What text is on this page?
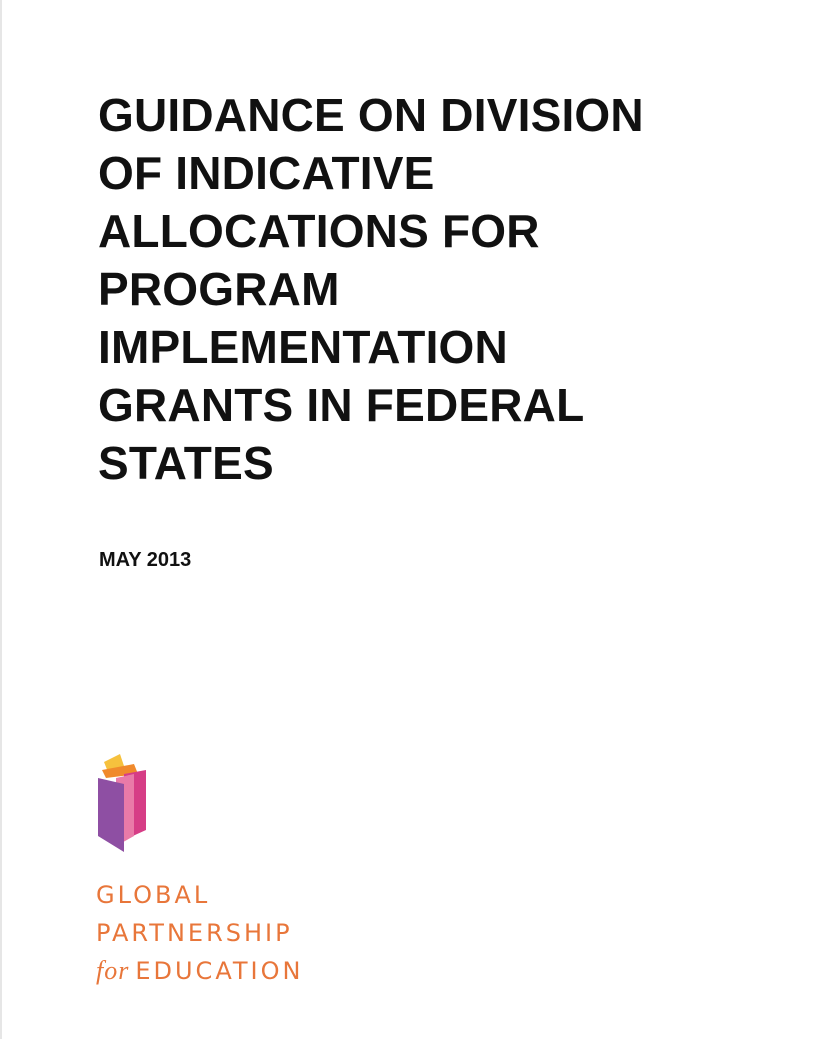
GUIDANCE ON DIVISION
OF INDICATIVE
ALLOCATIONS FOR
PROGRAM
IMPLEMENTATION
GRANTS IN FEDERAL
STATES
MAY 2013
GLOBAL
PARTNERSHIP
for EDUCATION
